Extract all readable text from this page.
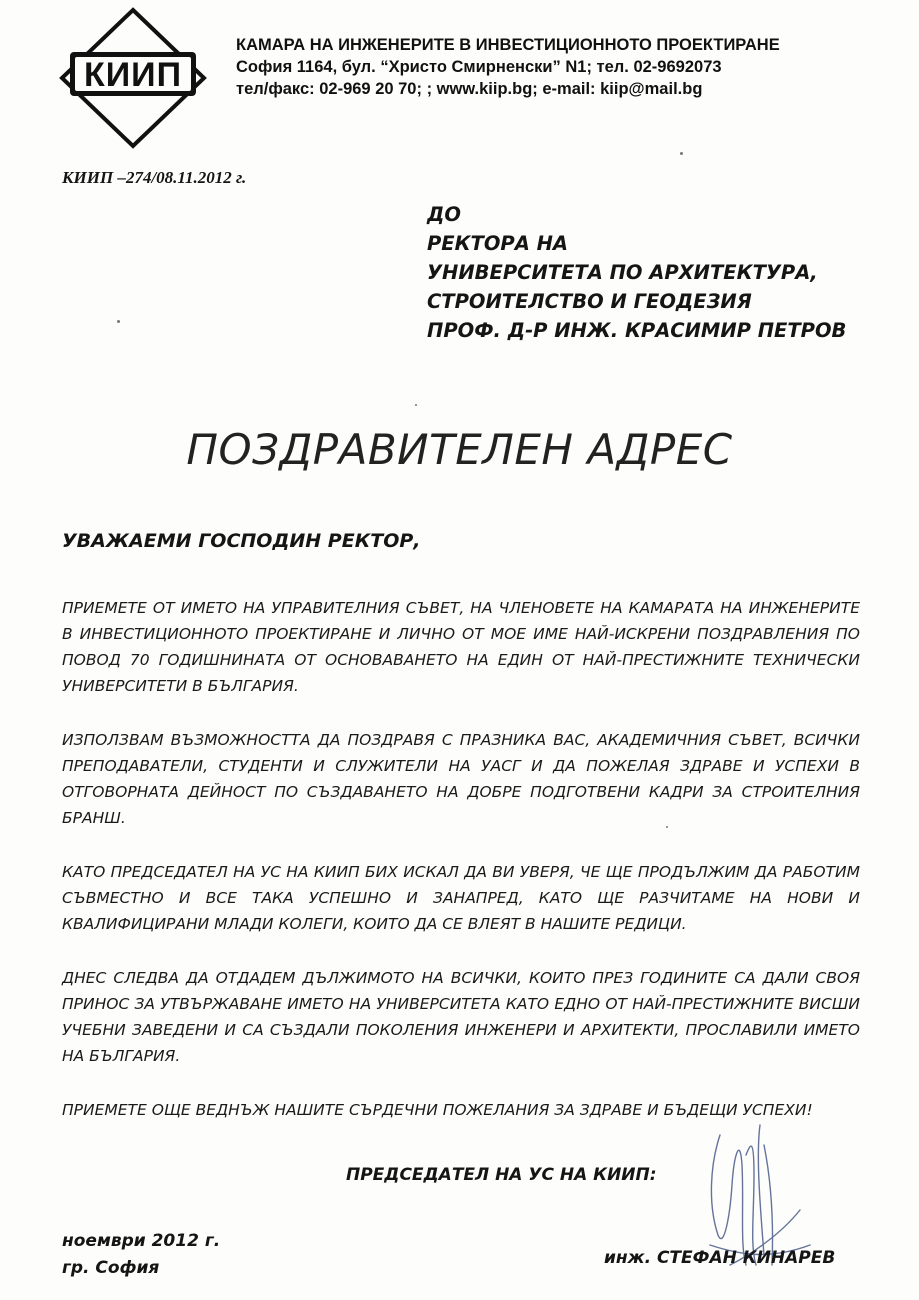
КИИП
КАМАРА НА ИНЖЕНЕРИТЕ В ИНВЕСТИЦИОННОТО ПРОЕКТИРАНЕ
София 1164, бул. “Христо Смирненски” N1; тел. 02-9692073
тел/факс: 02-969 20 70; ; www.kiip.bg; e-mail: kiip@mail.bg
КИИП –274/08.11.2012 г.
ДО
РЕКТОРА НА
УНИВЕРСИТЕТА ПО АРХИТЕКТУРА,
СТРОИТЕЛСТВО И ГЕОДЕЗИЯ
ПРОФ. Д-Р ИНЖ. КРАСИМИР ПЕТРОВ
ПОЗДРАВИТЕЛЕН АДРЕС
УВАЖАЕМИ ГОСПОДИН РЕКТОР,

ПРИЕМЕТЕ ОТ ИМЕТО НА УПРАВИТЕЛНИЯ СЪВЕТ, НА ЧЛЕНОВЕТЕ НА КАМАРАТА НА ИНЖЕНЕРИТЕ В ИНВЕСТИЦИОННОТО ПРОЕКТИРАНЕ И ЛИЧНО ОТ МОЕ ИМЕ НАЙ-ИСКРЕНИ ПОЗДРАВЛЕНИЯ ПО ПОВОД 70 ГОДИШНИНАТА ОТ ОСНОВАВАНЕТО НА ЕДИН ОТ НАЙ-ПРЕСТИЖНИТЕ ТЕХНИЧЕСКИ УНИВЕРСИТЕТИ В БЪЛГАРИЯ.

ИЗПОЛЗВАМ ВЪЗМОЖНОСТТА ДА ПОЗДРАВЯ С ПРАЗНИКА ВАС, АКАДЕМИЧНИЯ СЪВЕТ, ВСИЧКИ ПРЕПОДАВАТЕЛИ, СТУДЕНТИ И СЛУЖИТЕЛИ НА УАСГ И ДА ПОЖЕЛАЯ ЗДРАВЕ И УСПЕХИ В ОТГОВОРНАТА ДЕЙНОСТ ПО СЪЗДАВАНЕТО НА ДОБРЕ ПОДГОТВЕНИ КАДРИ ЗА СТРОИТЕЛНИЯ БРАНШ.

КАТО ПРЕДСЕДАТЕЛ НА УС НА КИИП БИХ ИСКАЛ ДА ВИ УВЕРЯ, ЧЕ ЩЕ ПРОДЪЛЖИМ ДА РАБОТИМ СЪВМЕСТНО И ВСЕ ТАКА УСПЕШНО И ЗАНАПРЕД, КАТО ЩЕ РАЗЧИТАМЕ НА НОВИ И КВАЛИФИЦИРАНИ МЛАДИ КОЛЕГИ, КОИТО ДА СЕ ВЛЕЯТ В НАШИТЕ РЕДИЦИ.

ДНЕС СЛЕДВА ДА ОТДАДЕМ ДЪЛЖИМОТО НА ВСИЧКИ, КОИТО ПРЕЗ ГОДИНИТЕ СА ДАЛИ СВОЯ ПРИНОС ЗА УТВЪРЖАВАНЕ ИМЕТО НА УНИВЕРСИТЕТА КАТО ЕДНО ОТ НАЙ-ПРЕСТИЖНИТЕ ВИСШИ УЧЕБНИ ЗАВЕДЕНИ И СА СЪЗДАЛИ ПОКОЛЕНИЯ ИНЖЕНЕРИ И АРХИТЕКТИ, ПРОСЛАВИЛИ ИМЕТО НА БЪЛГАРИЯ.

ПРИЕМЕТЕ ОЩЕ ВЕДНЪЖ НАШИТЕ СЪРДЕЧНИ ПОЖЕЛАНИЯ ЗА ЗДРАВЕ И БЪДЕЩИ УСПЕХИ!

ПРЕДСЕДАТЕЛ НА УС НА КИИП:
ноември 2012 г.
гр. София	инж. СТЕФАН КИНАРЕВ
